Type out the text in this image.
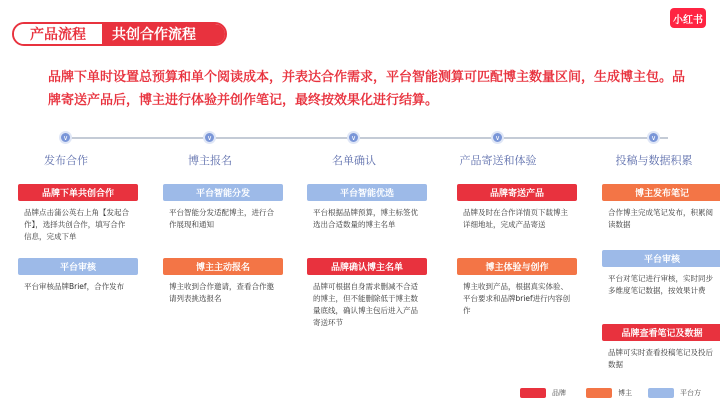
产品流程	共创合作流程
小红书
品牌下单时设置总预算和单个阅读成本，并表达合作需求，平台智能测算可匹配博主数量区间，生成博主包。品牌寄送产品后，博主进行体验并创作笔记，最终按效果化进行结算。
∨
发布合作
品牌下单共创合作
品牌点击蒲公英右上角【发起合作】，选择共创合作，填写合作信息，完成下单
平台审核
平台审核品牌Brief，合作发布
∨
博主报名
平台智能分发
平台智能分发适配博主，进行合作展现和通知
博主主动报名
博主收到合作邀请，查看合作邀请列表挑选报名
∨
名单确认
平台智能优选
平台根据品牌预算，博主标签优选出合适数量的博主名单
品牌确认博主名单
品牌可根据自身需求删减不合适的博主，但不能删除低于博主数量底线，确认博主包后进入产品寄送环节
∨
产品寄送和体验
品牌寄送产品
品牌及时在合作详情页下载博主详细地址，完成产品寄送
博主体验与创作
博主收到产品，根据真实体验、平台要求和品牌brief进行内容创作
∨
投稿与数据积累
博主发布笔记
合作博主完成笔记发布，积累阅读数据
平台审核
平台对笔记进行审核，实时同步多维度笔记数据，按效果计费
品牌查看笔记及数据
品牌可实时查看投稿笔记及投后数据
品牌	博主	平台方
